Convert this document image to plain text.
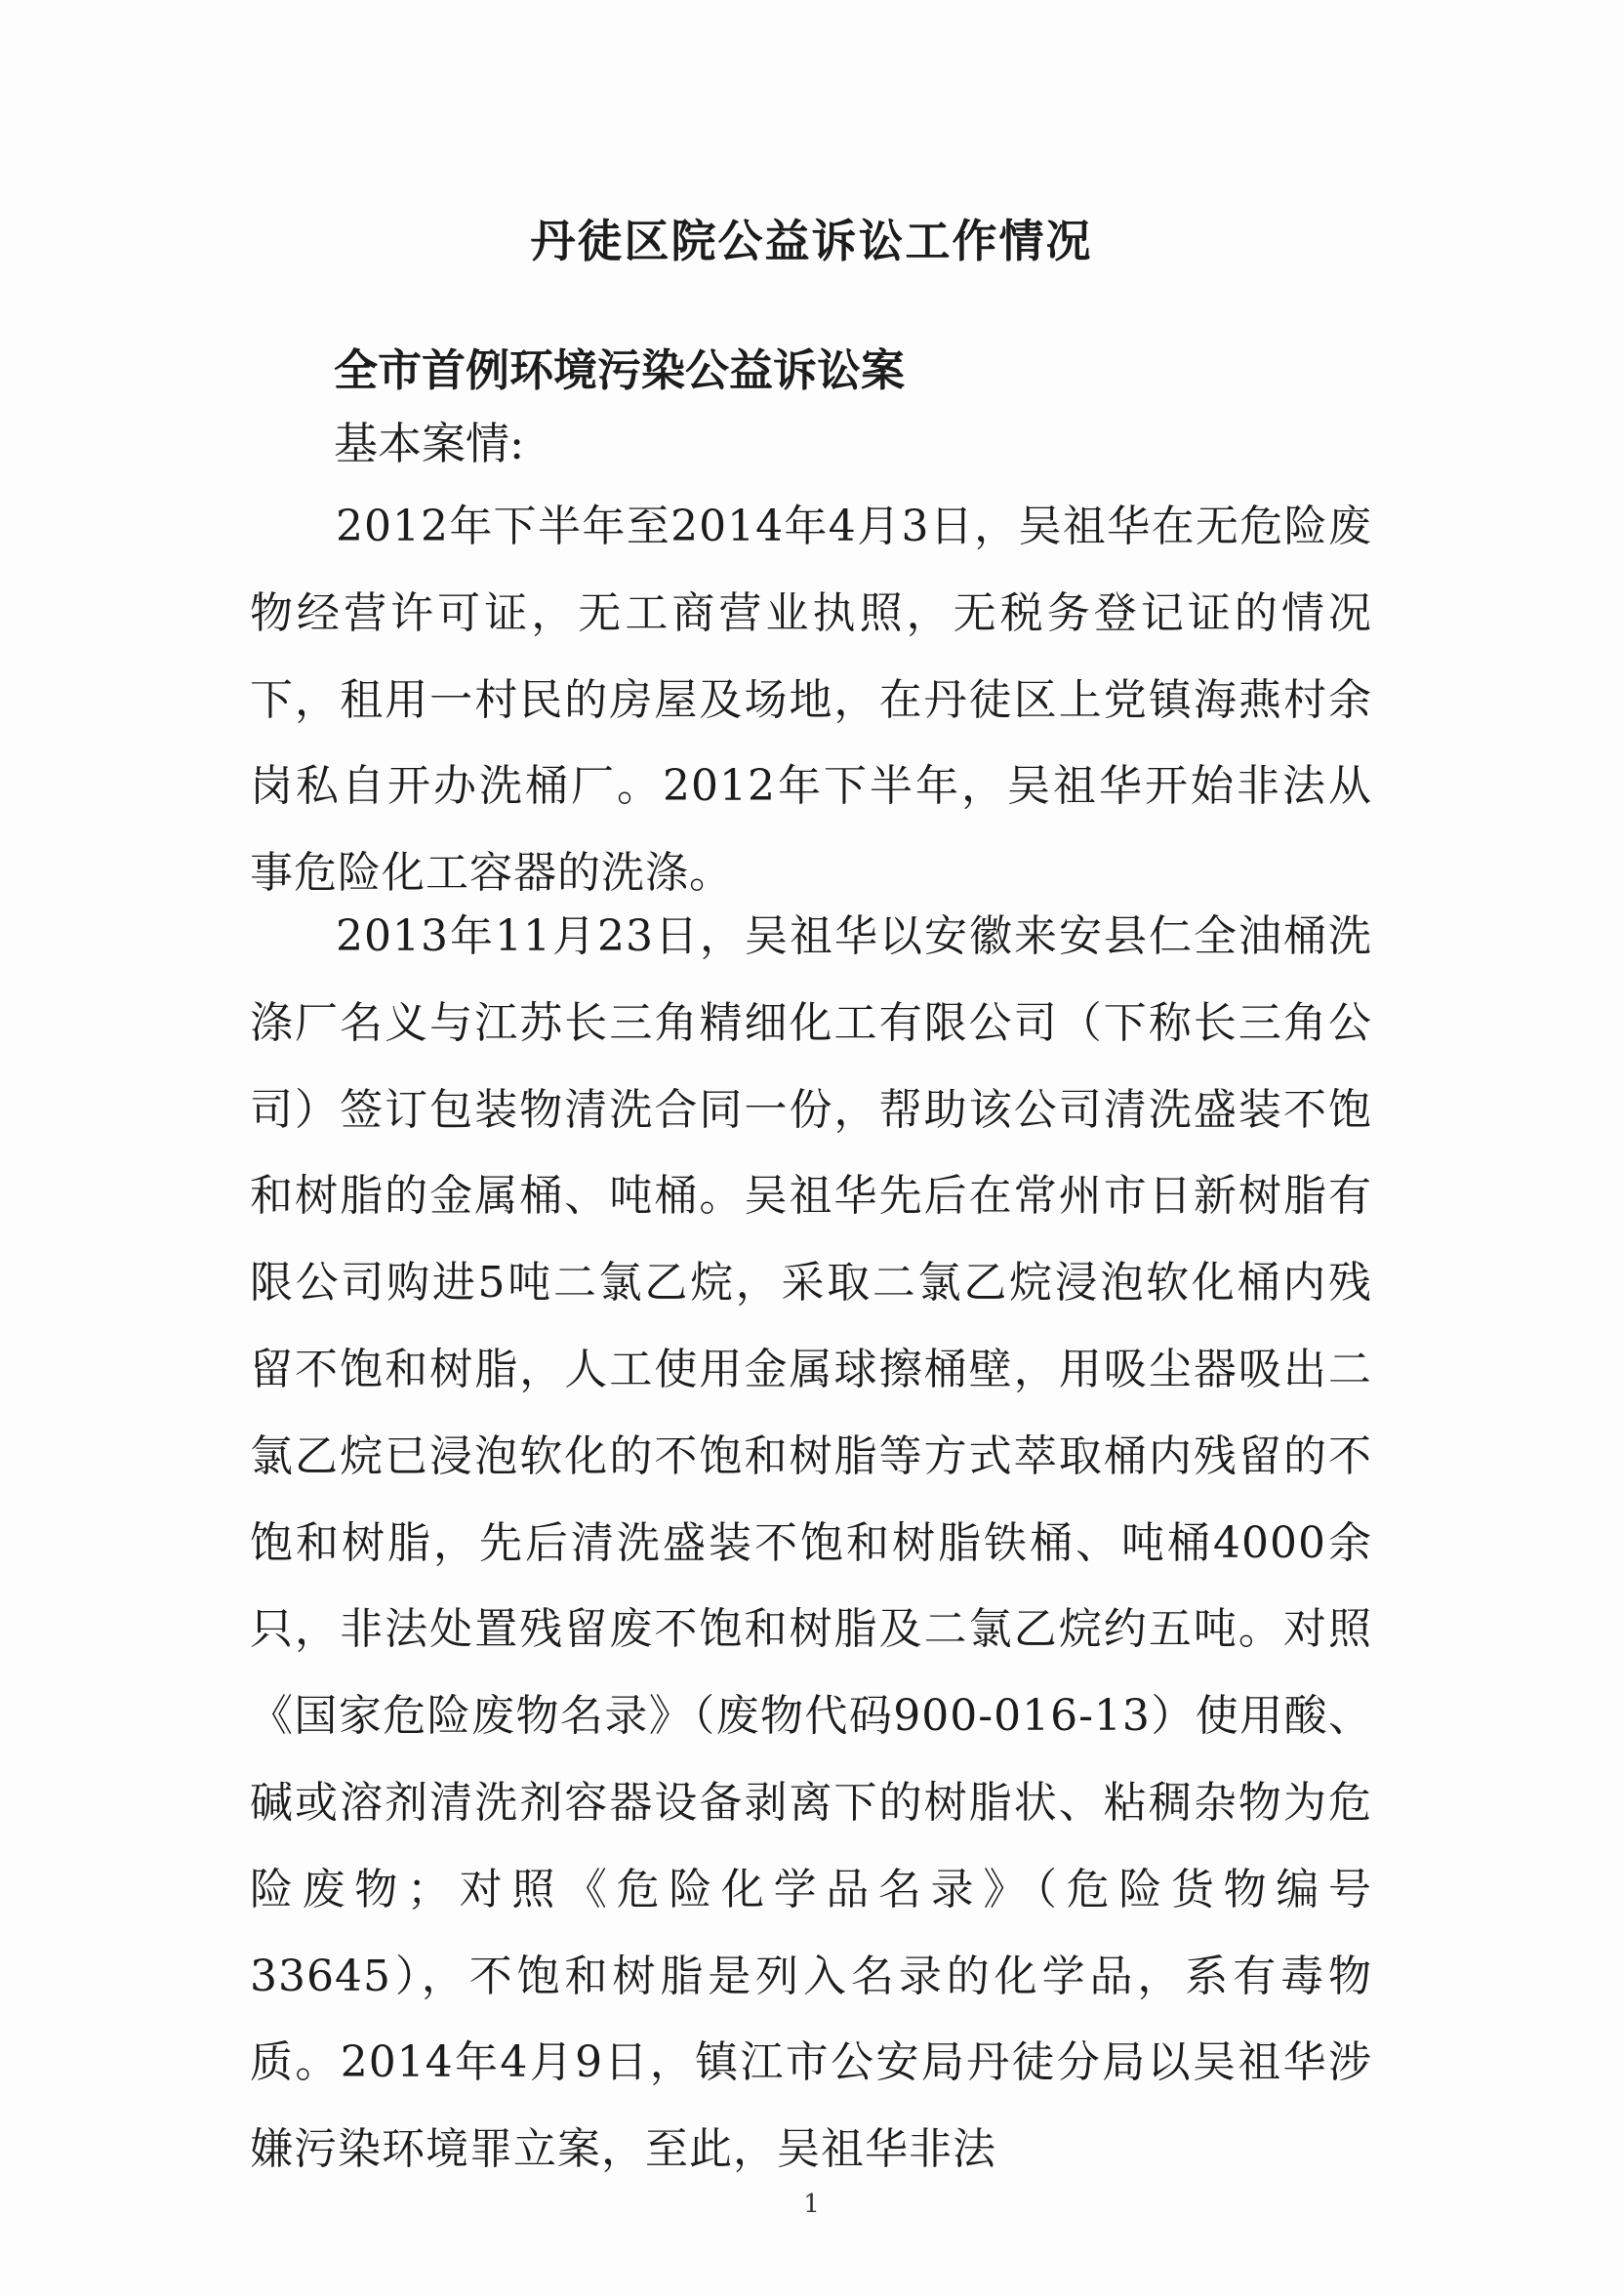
丹徒区院公益诉讼工作情况
全市首例环境污染公益诉讼案
基本案情:

2012年下半年至2014年4月3日，吴祖华在无危险废物经营许可证，无工商营业执照，无税务登记证的情况下，租用一村民的房屋及场地，在丹徒区上党镇海燕村余岗私自开办洗桶厂。2012年下半年，吴祖华开始非法从事危险化工容器的洗涤。

2013年11月23日，吴祖华以安徽来安县仁全油桶洗涤厂名义与江苏长三角精细化工有限公司（下称长三角公司）签订包装物清洗合同一份，帮助该公司清洗盛装不饱和树脂的金属桶、吨桶。吴祖华先后在常州市日新树脂有限公司购进5吨二氯乙烷，采取二氯乙烷浸泡软化桶内残留不饱和树脂，人工使用金属球擦桶壁，用吸尘器吸出二氯乙烷已浸泡软化的不饱和树脂等方式萃取桶内残留的不饱和树脂，先后清洗盛装不饱和树脂铁桶、吨桶4000余只，非法处置残留废不饱和树脂及二氯乙烷约五吨。对照《国家危险废物名录》（废物代码900-016-13）使用酸、碱或溶剂清洗剂容器设备剥离下的树脂状、粘稠杂物为危险废物；对照《危险化学品名录》（危险货物编号33645），不饱和树脂是列入名录的化学品，系有毒物质。2014年4月9日，镇江市公安局丹徒分局以吴祖华涉嫌污染环境罪立案，至此，吴祖华非法

1
